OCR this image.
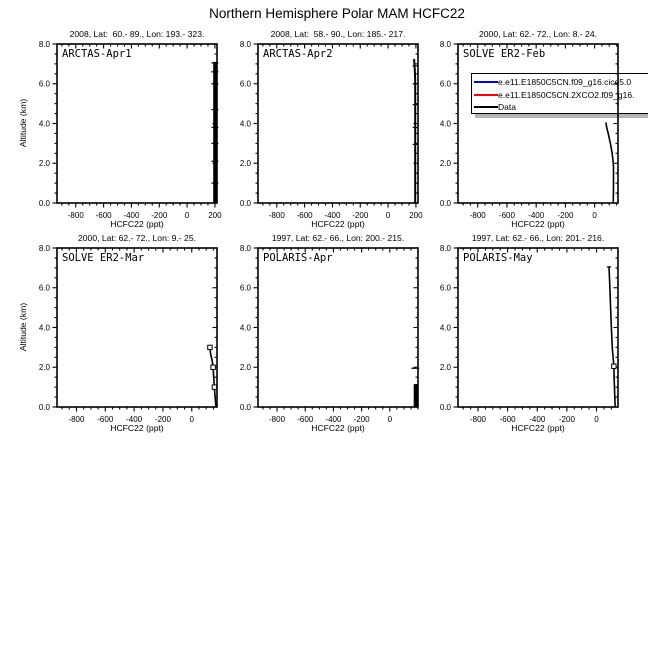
Northern Hemisphere Polar MAM HCFC22
2008, Lat:  60.- 89., Lon: 193.- 323.	2008, Lat:  58.- 90., Lon: 185.- 217.	2000, Lat: 62.- 72., Lon: 8.- 24.
2000, Lat: 62.- 72., Lon: 9.- 25.	1997, Lat: 62.- 66., Lon: 200.- 215.	1997, Lat: 62.- 66., Lon: 201.- 216.
ARCTAS-Apr1	ARCTAS-Apr2	SOLVE ER2-Feb
SOLVE ER2-Mar	POLARIS-Apr	POLARIS-May
HCFC22 (ppt)	HCFC22 (ppt)	HCFC22 (ppt)
HCFC22 (ppt)	HCFC22 (ppt)	HCFC22 (ppt)
Altitude (km)
Altitude (km)
e.e11.E1850C5CN.f09_g16.cice5.0
e.e11.E1850C5CN.2XCO2.f09_g16.
Data
-800 -600 -400 -200 0 200
0.0
2.0
4.0
6.0
8.0
-800 -600 -400 -200 0 200
0.0
2.0
4.0
6.0
8.0
-800 -600 -400 -200 0
0.0
2.0
4.0
6.0
8.0
-800 -600 -400 -200 0
0.0
2.0
4.0
6.0
8.0
-800 -600 -400 -200 0
0.0
2.0
4.0
6.0
8.0
-800 -600 -400 -200 0
0.0
2.0
4.0
6.0
8.0
